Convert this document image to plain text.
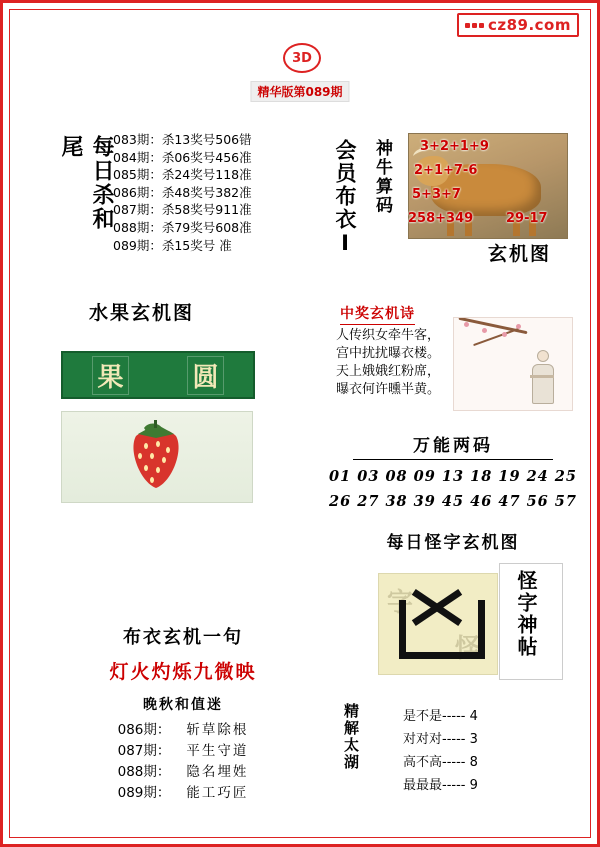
cz89.com
3D
精华版第089期
每日杀和尾	083期：杀13奖号506错
084期：杀06奖号456准
085期：杀24奖号118准
086期：杀48奖号382准
087期：杀58奖号911准
088期：杀79奖号608准
089期：杀15奖号 准
水果玄机图
果	圆
会员布衣Ⅰ 神牛算码 3+2+1+9
2+1+7-6
5+3+7
258+349	29-17
玄机图
中奖玄机诗
人传织女牵牛客，
宫中扰扰曝衣楼。
天上娥娥红粉席，
曝衣何许曛半黄。
万能两码
01 03 08 09 13 18 19 24 25
26 27 38 39 45 46 47 56 57
每日怪字玄机图
字
怪 怪字神帖
布衣玄机一句
灯火灼烁九微映
晚秋和值迷
086期： 斩草除根
087期： 平生守道
088期： 隐名埋姓
089期： 能工巧匠
精解太湖	是不是----- 4
对对对----- 3
高不高----- 8
最最最----- 9
